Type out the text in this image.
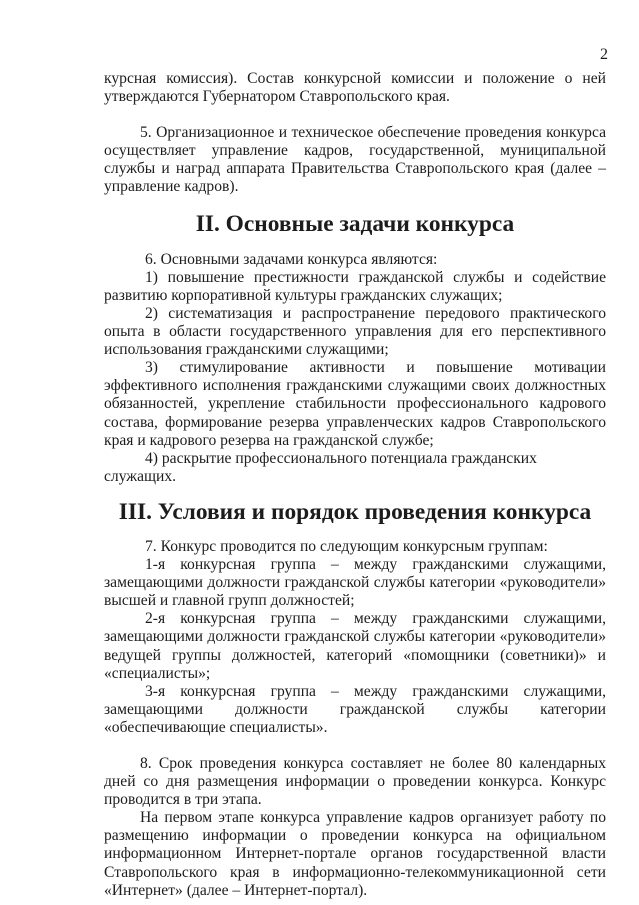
2

курсная комиссия). Состав конкурсной комиссии и положение о ней утверждаются Губернатором Ставропольского края.

5. Организационное и техническое обеспечение проведения конкурса осуществляет управление кадров, государственной, муниципальной службы и наград аппарата Правительства Ставропольского края (далее – управление кадров).

II. Основные задачи конкурса

6. Основными задачами конкурса являются:

1) повышение престижности гражданской службы и содействие развитию корпоративной культуры гражданских служащих;

2) систематизация и распространение передового практического опыта в области государственного управления для его перспективного использования гражданскими служащими;

3) стимулирование активности и повышение мотивации эффективного исполнения гражданскими служащими своих должностных обязанностей, укрепление стабильности профессионального кадрового состава, формирование резерва управленческих кадров Ставропольского края и кадрового резерва на гражданской службе;

4) раскрытие профессионального потенциала гражданских служащих.

III. Условия и порядок проведения конкурса

7. Конкурс проводится по следующим конкурсным группам:

1-я конкурсная группа – между гражданскими служащими, замещающими должности гражданской службы категории «руководители» высшей и главной групп должностей;

2-я конкурсная группа – между гражданскими служащими, замещающими должности гражданской службы категории «руководители» ведущей группы должностей, категорий «помощники (советники)» и «специалисты»;

3-я конкурсная группа – между гражданскими служащими, замещающими должности гражданской службы категории «обеспечивающие специалисты».

8. Срок проведения конкурса составляет не более 80 календарных дней со дня размещения информации о проведении конкурса. Конкурс проводится в три этапа.

На первом этапе конкурса управление кадров организует работу по размещению информации о проведении конкурса на официальном информационном Интернет-портале органов государственной власти Ставропольского края в информационно-телекоммуникационной сети «Интернет» (далее – Интернет-портал).
